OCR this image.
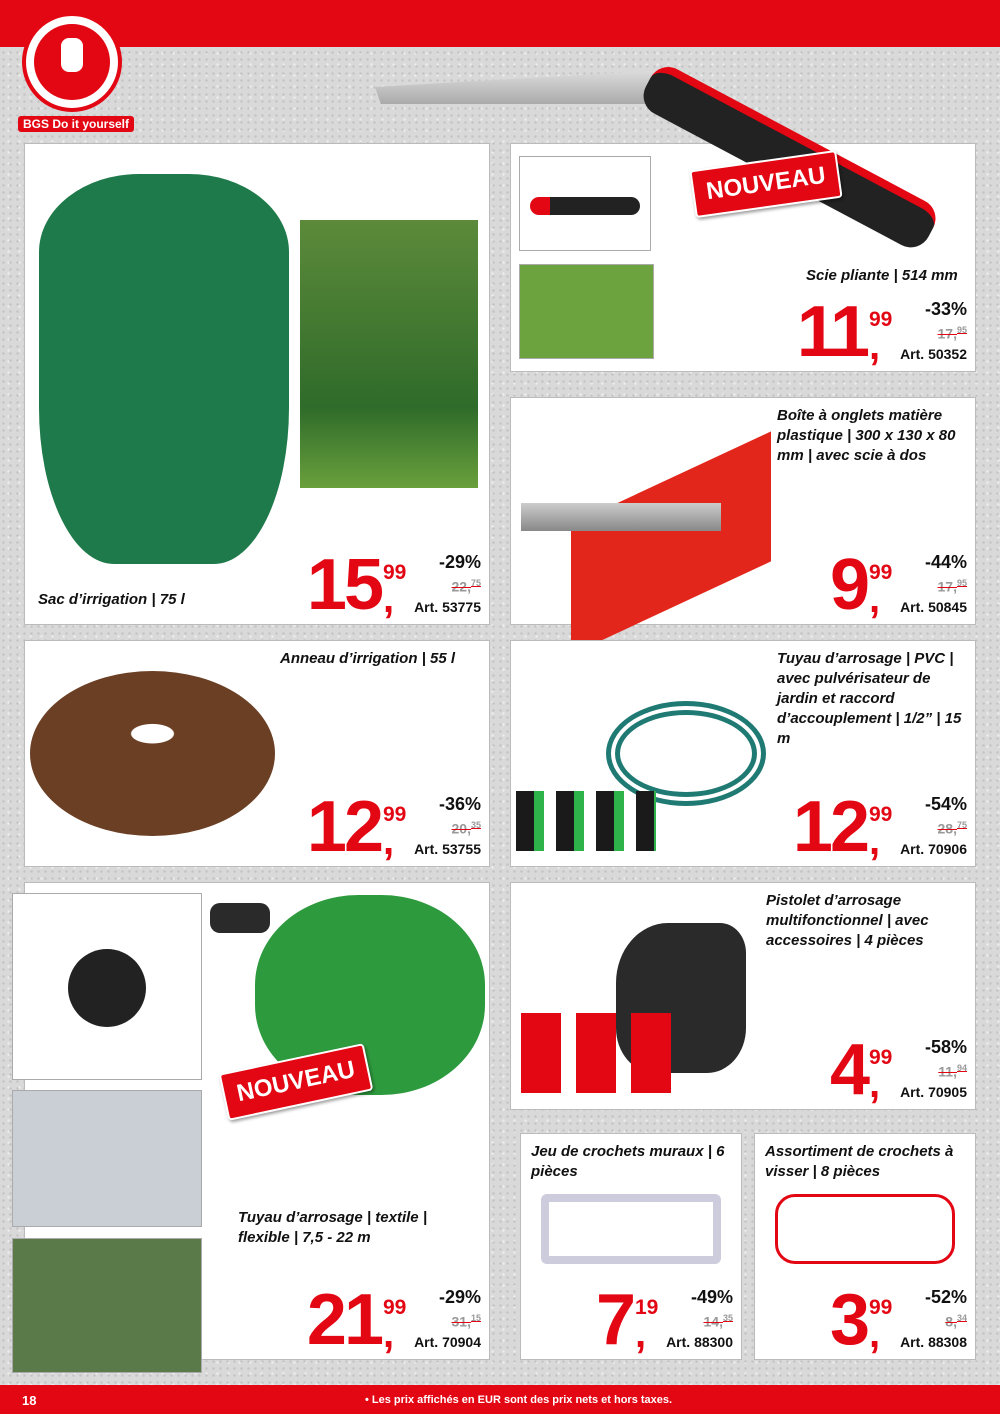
BGS Do it yourself
Sac d’irrigation | 75 l	15 99
,
-29%
22,75
Art. 53775
Scie pliante | 514 mm
11 99
,
-33%
17,95
Art. 50352
NOUVEAU
Boîte à onglets matière plastique | 300 x 130 x 80 mm | avec scie à dos
9 99
,
-44%
17,95
Art. 50845
Anneau d’irrigation | 55 l
12 99
,
-36%
20,35
Art. 53755
Tuyau d’arrosage | PVC | avec pulvérisateur de jardin et raccord d’accouplement | 1/2” | 15 m
12 99
,
-54%
28,75
Art. 70906
Tuyau d’arrosage | textile | flexible | 7,5 - 22 m
21 99
,
-29%
31,15
Art. 70904
NOUVEAU
Pistolet d’arrosage multifonctionnel | avec accessoires | 4 pièces
4 99
,
-58%
11,94
Art. 70905
Jeu de crochets muraux | 6 pièces
7 19
,
-49%
14,35
Art. 88300
Assortiment de crochets à visser | 8 pièces
3 99
,
-52%
8,34
Art. 88308
18	• Les prix affichés en EUR sont des prix nets et hors taxes.
